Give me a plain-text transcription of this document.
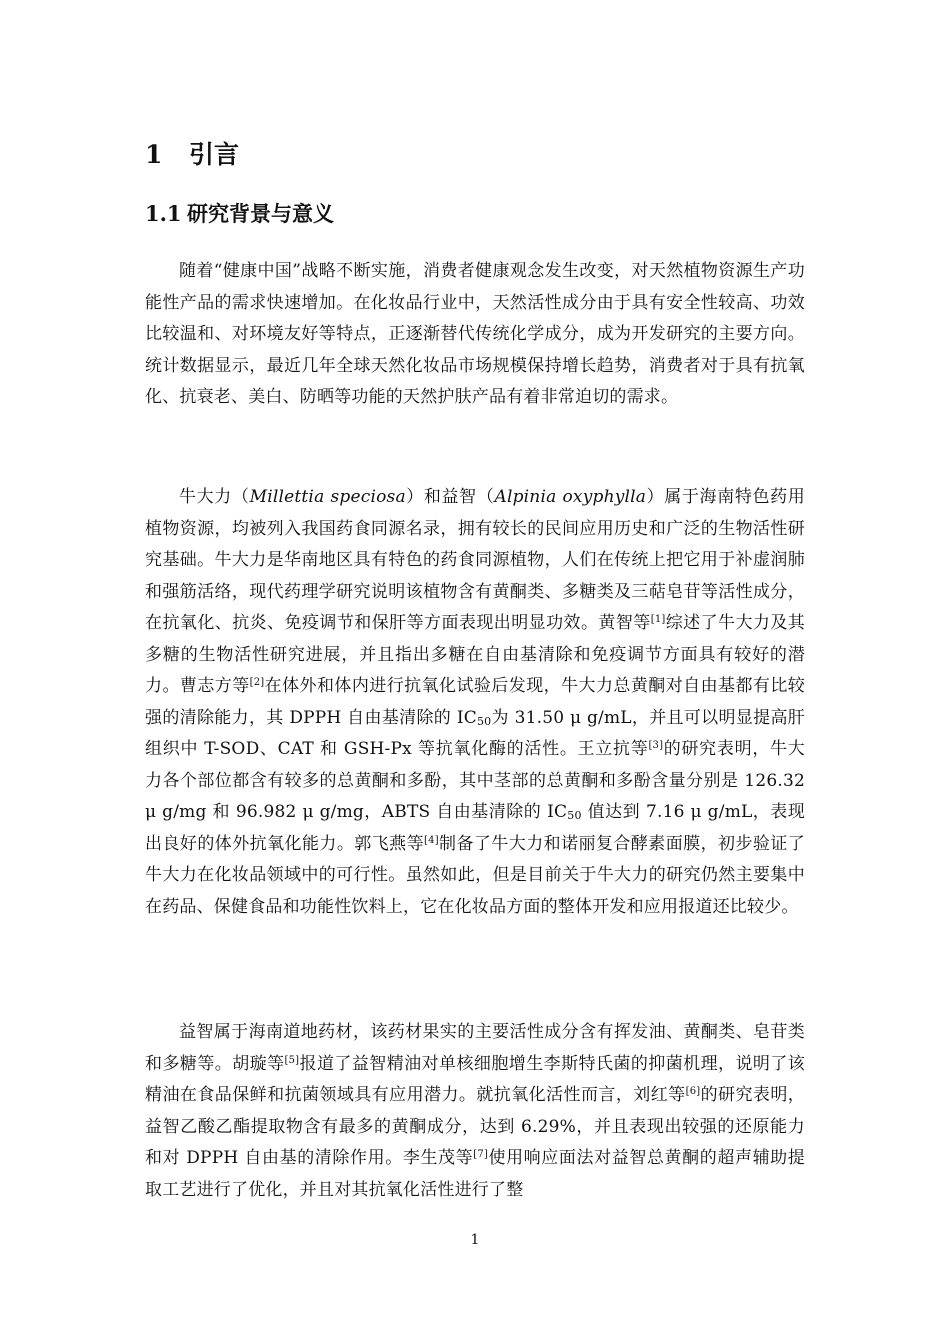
1 引言
1.1 研究背景与意义

随着“健康中国”战略不断实施，消费者健康观念发生改变，对天然植物资源生产功能性产品的需求快速增加。在化妆品行业中，天然活性成分由于具有安全性较高、功效比较温和、对环境友好等特点，正逐渐替代传统化学成分，成为开发研究的主要方向。统计数据显示，最近几年全球天然化妆品市场规模保持增长趋势，消费者对于具有抗氧化、抗衰老、美白、防晒等功能的天然护肤产品有着非常迫切的需求。

牛大力（Millettia speciosa）和益智（Alpinia oxyphylla）属于海南特色药用植物资源，均被列入我国药食同源名录，拥有较长的民间应用历史和广泛的生物活性研究基础。牛大力是华南地区具有特色的药食同源植物，人们在传统上把它用于补虚润肺和强筋活络，现代药理学研究说明该植物含有黄酮类、多糖类及三萜皂苷等活性成分，在抗氧化、抗炎、免疫调节和保肝等方面表现出明显功效。黄智等[1]综述了牛大力及其多糖的生物活性研究进展，并且指出多糖在自由基清除和免疫调节方面具有较好的潜力。曹志方等[2]在体外和体内进行抗氧化试验后发现，牛大力总黄酮对自由基都有比较强的清除能力，其 DPPH 自由基清除的 $IC_{50}$为 31.50 μ g/mL，并且可以明显提高肝组织中 T-SOD、CAT 和 GSH-Px 等抗氧化酶的活性。王立抗等[3]的研究表明，牛大力各个部位都含有较多的总黄酮和多酚，其中茎部的总黄酮和多酚含量分别是 126.32 μ g/mg 和 96.982 μ g/mg，ABTS 自由基清除的 $IC_{50}$ 值达到 7.16 μ g/mL，表现出良好的体外抗氧化能力。郭飞燕等[4]制备了牛大力和诺丽复合酵素面膜，初步验证了牛大力在化妆品领域中的可行性。虽然如此，但是目前关于牛大力的研究仍然主要集中在药品、保健食品和功能性饮料上，它在化妆品方面的整体开发和应用报道还比较少。

益智属于海南道地药材，该药材果实的主要活性成分含有挥发油、黄酮类、皂苷类和多糖等。胡璇等[5]报道了益智精油对单核细胞增生李斯特氏菌的抑菌机理，说明了该精油在食品保鲜和抗菌领域具有应用潜力。就抗氧化活性而言，刘红等[6]的研究表明，益智乙酸乙酯提取物含有最多的黄酮成分，达到 6.29%，并且表现出较强的还原能力和对 DPPH 自由基的清除作用。李生茂等[7]使用响应面法对益智总黄酮的超声辅助提取工艺进行了优化，并且对其抗氧化活性进行了整

1
